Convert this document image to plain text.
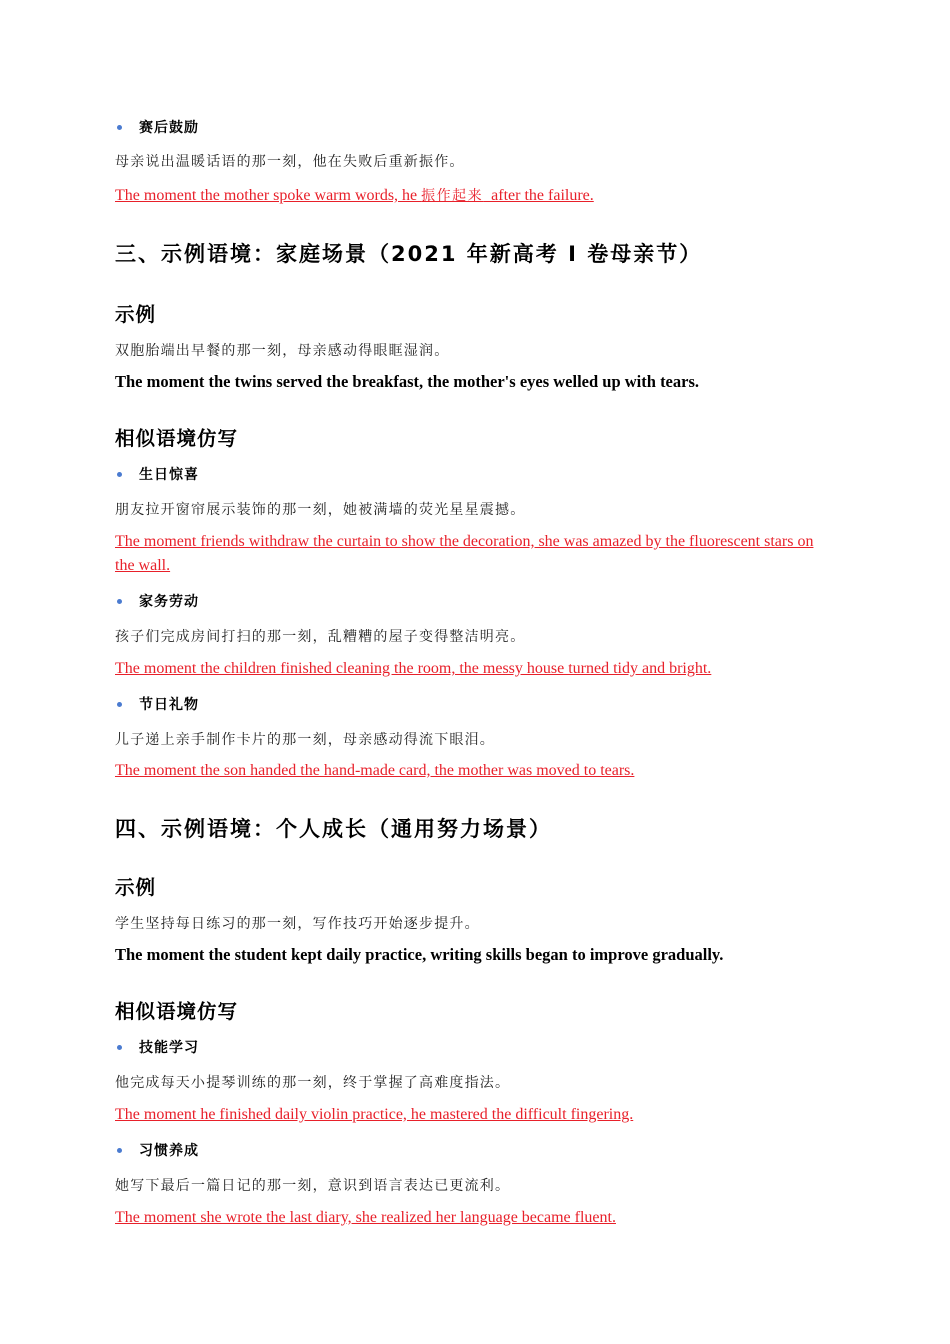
赛后鼓励
母亲说出温暖话语的那一刻，他在失败后重新振作。
The moment the mother spoke warm words, he 振作起来  after the failure.
三、示例语境：家庭场景（2021 年新高考 Ⅰ 卷母亲节）
示例
双胞胎端出早餐的那一刻，母亲感动得眼眶湿润。
The moment the twins served the breakfast, the mother's eyes welled up with tears.
相似语境仿写
生日惊喜
朋友拉开窗帘展示装饰的那一刻，她被满墙的荧光星星震撼。
The moment friends withdraw the curtain to show the decoration, she was amazed by the fluorescent stars on the wall.
家务劳动
孩子们完成房间打扫的那一刻，乱糟糟的屋子变得整洁明亮。
The moment the children finished cleaning the room, the messy house turned tidy and bright.
节日礼物
儿子递上亲手制作卡片的那一刻，母亲感动得流下眼泪。
The moment the son handed the hand-made card, the mother was moved to tears.
四、示例语境：个人成长（通用努力场景）
示例
学生坚持每日练习的那一刻，写作技巧开始逐步提升。
The moment the student kept daily practice, writing skills began to improve gradually.
相似语境仿写
技能学习
他完成每天小提琴训练的那一刻，终于掌握了高难度指法。
The moment he finished daily violin practice, he mastered the difficult fingering.
习惯养成
她写下最后一篇日记的那一刻，意识到语言表达已更流利。
The moment she wrote the last diary, she realized her language became fluent.
